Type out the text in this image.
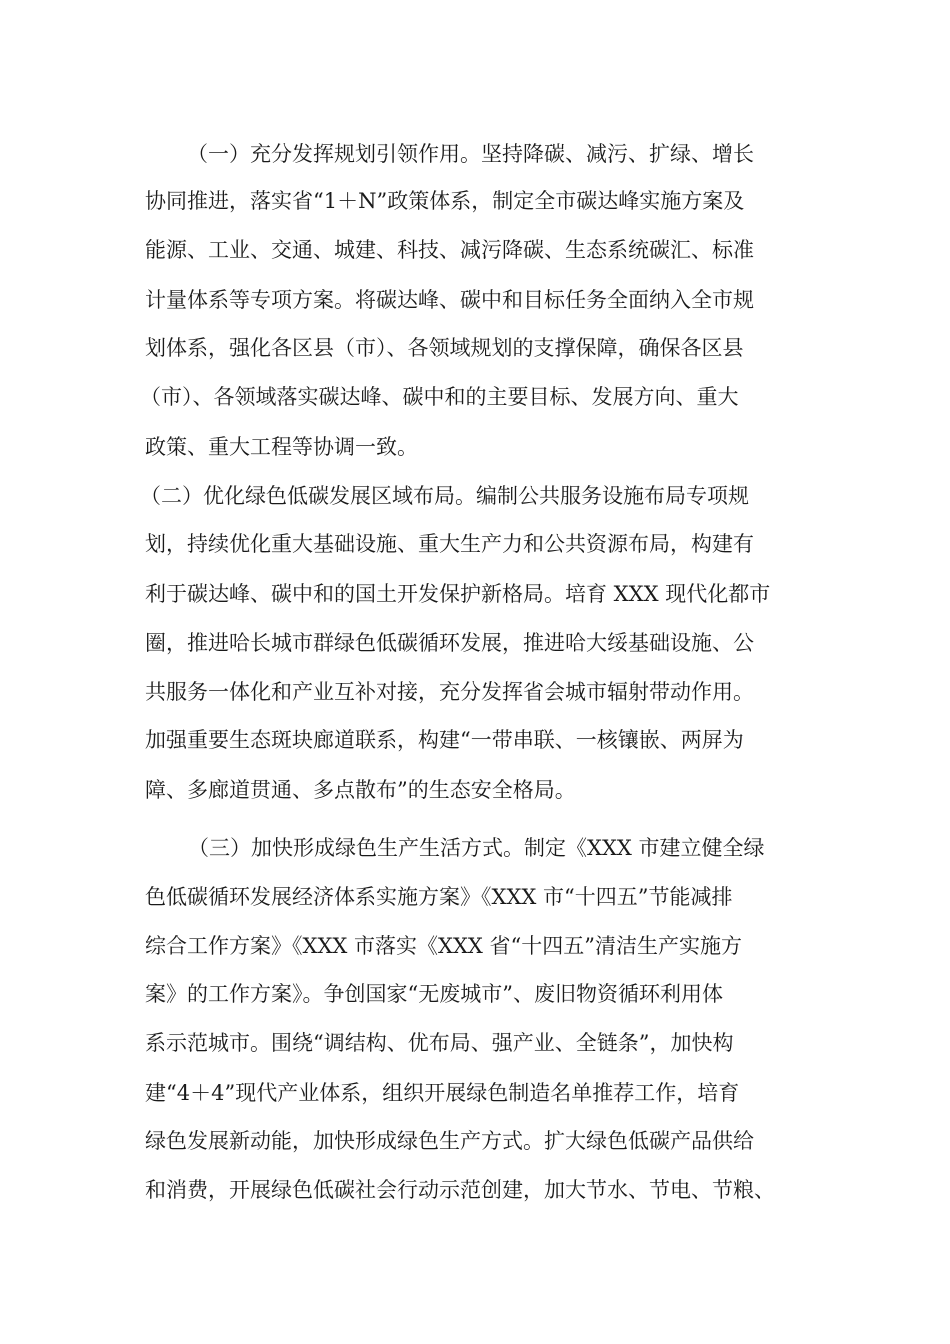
（一）充分发挥规划引领作用。坚持降碳、减污、扩绿、增长
协同推进，落实省“1＋N”政策体系，制定全市碳达峰实施方案及
能源、工业、交通、城建、科技、减污降碳、生态系统碳汇、标准
计量体系等专项方案。将碳达峰、碳中和目标任务全面纳入全市规
划体系，强化各区县（市）、各领域规划的支撑保障，确保各区县
（市）、各领域落实碳达峰、碳中和的主要目标、发展方向、重大
政策、重大工程等协调一致。
（二）优化绿色低碳发展区域布局。编制公共服务设施布局专项规
划，持续优化重大基础设施、重大生产力和公共资源布局，构建有
利于碳达峰、碳中和的国土开发保护新格局。培育 XXX 现代化都市
圈，推进哈长城市群绿色低碳循环发展，推进哈大绥基础设施、公
共服务一体化和产业互补对接，充分发挥省会城市辐射带动作用。
加强重要生态斑块廊道联系，构建“一带串联、一核镶嵌、两屏为
障、多廊道贯通、多点散布”的生态安全格局。
（三）加快形成绿色生产生活方式。制定《XXX 市建立健全绿
色低碳循环发展经济体系实施方案》《XXX 市“十四五”节能减排
综合工作方案》《XXX 市落实《XXX 省“十四五”清洁生产实施方
案》的工作方案》。争创国家“无废城市”、废旧物资循环利用体
系示范城市。围绕“调结构、优布局、强产业、全链条”，加快构
建“4＋4”现代产业体系，组织开展绿色制造名单推荐工作，培育
绿色发展新动能，加快形成绿色生产方式。扩大绿色低碳产品供给
和消费，开展绿色低碳社会行动示范创建，加大节水、节电、节粮、
